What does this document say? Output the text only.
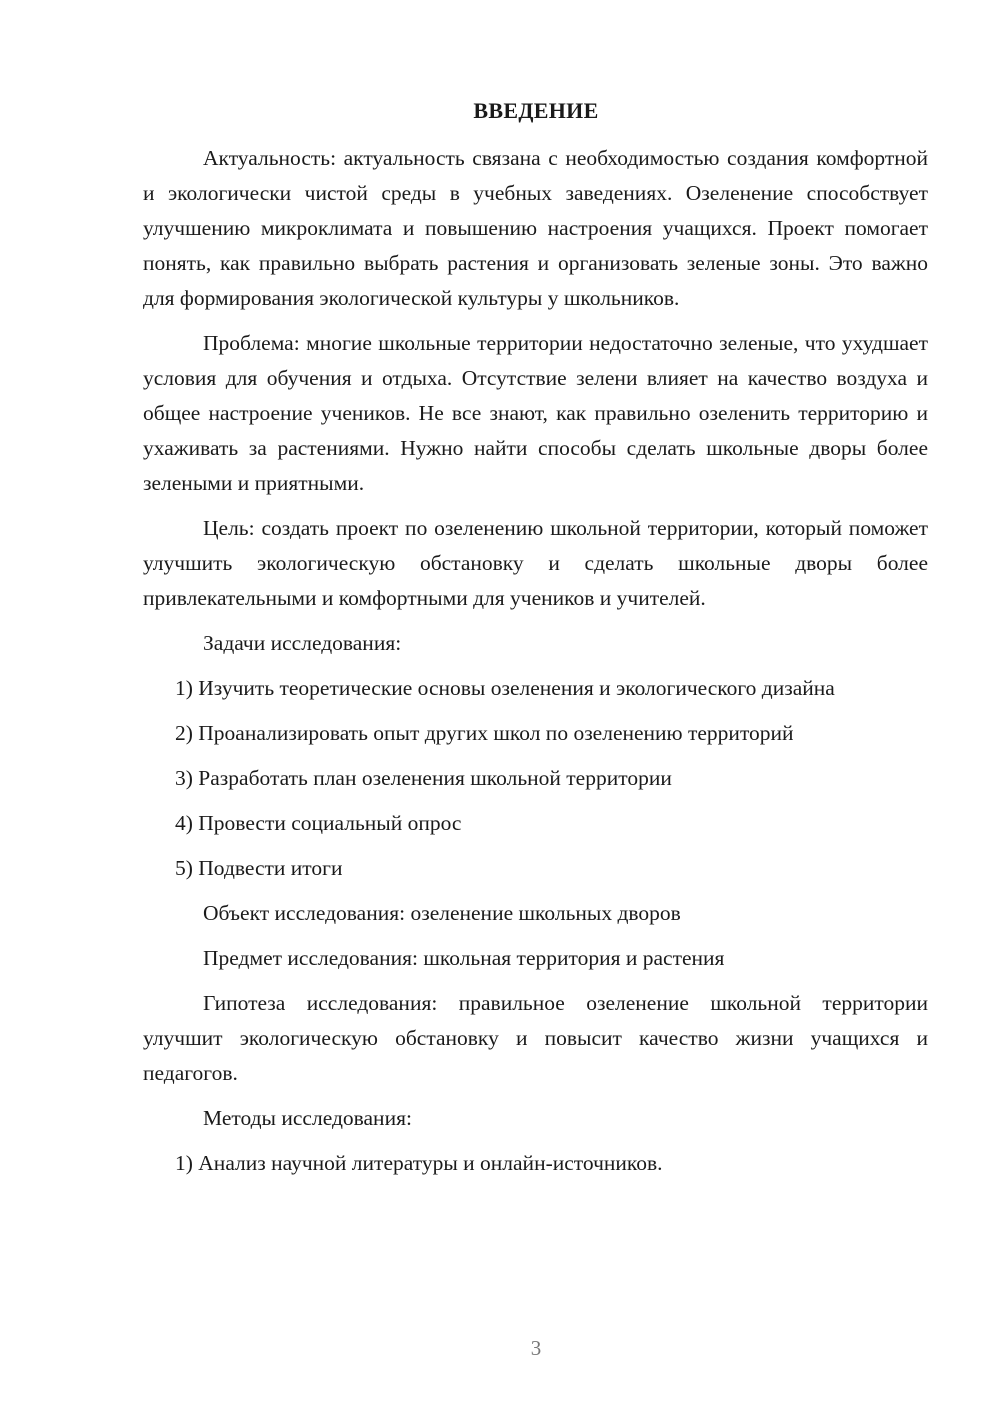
ВВЕДЕНИЕ

Актуальность: актуальность связана с необходимостью создания комфортной и экологически чистой среды в учебных заведениях. Озеленение способствует улучшению микроклимата и повышению настроения учащихся. Проект помогает понять, как правильно выбрать растения и организовать зеленые зоны. Это важно для формирования экологической культуры у школьников.

Проблема: многие школьные территории недостаточно зеленые, что ухудшает условия для обучения и отдыха. Отсутствие зелени влияет на качество воздуха и общее настроение учеников. Не все знают, как правильно озеленить территорию и ухаживать за растениями. Нужно найти способы сделать школьные дворы более зелеными и приятными.

Цель: создать проект по озеленению школьной территории, который поможет улучшить экологическую обстановку и сделать школьные дворы более привлекательными и комфортными для учеников и учителей.

Задачи исследования:

1) Изучить теоретические основы озеленения и экологического дизайна

2) Проанализировать опыт других школ по озеленению территорий

3) Разработать план озеленения школьной территории

4) Провести социальный опрос

5) Подвести итоги

Объект исследования: озеленение школьных дворов

Предмет исследования: школьная территория и растения

Гипотеза исследования: правильное озеленение школьной территории улучшит экологическую обстановку и повысит качество жизни учащихся и педагогов.

Методы исследования:

1) Анализ научной литературы и онлайн-источников.

3
